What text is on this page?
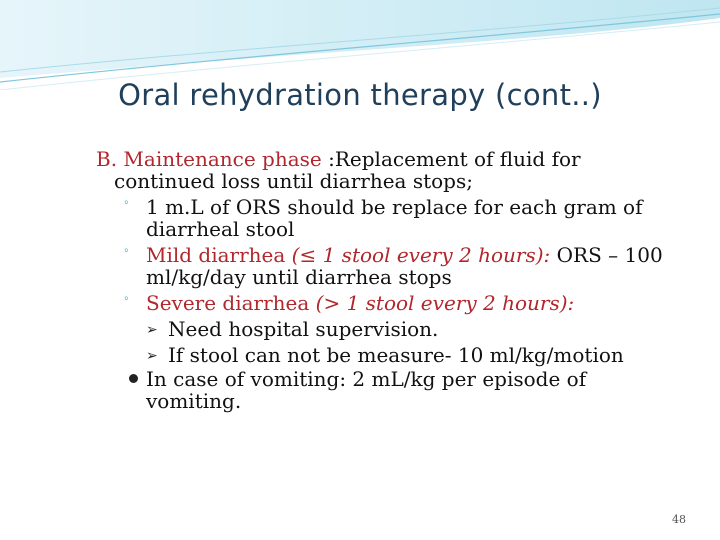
Oral rehydration therapy (cont..)
B. Maintenance phase :Replacement of fluid for
continued loss until diarrhea stops;
ﾟ 1 m.L of ORS should be replace for each gram of
diarrheal stool
ﾟ Mild diarrhea (≤ 1 stool every 2 hours): ORS – 100
ml/kg/day until diarrhea stops
ﾟ Severe diarrhea (> 1 stool every 2 hours):
➢ Need hospital supervision.
➢ If stool can not be measure- 10 ml/kg/motion
In case of vomiting: 2 mL/kg per episode of
vomiting.
48
